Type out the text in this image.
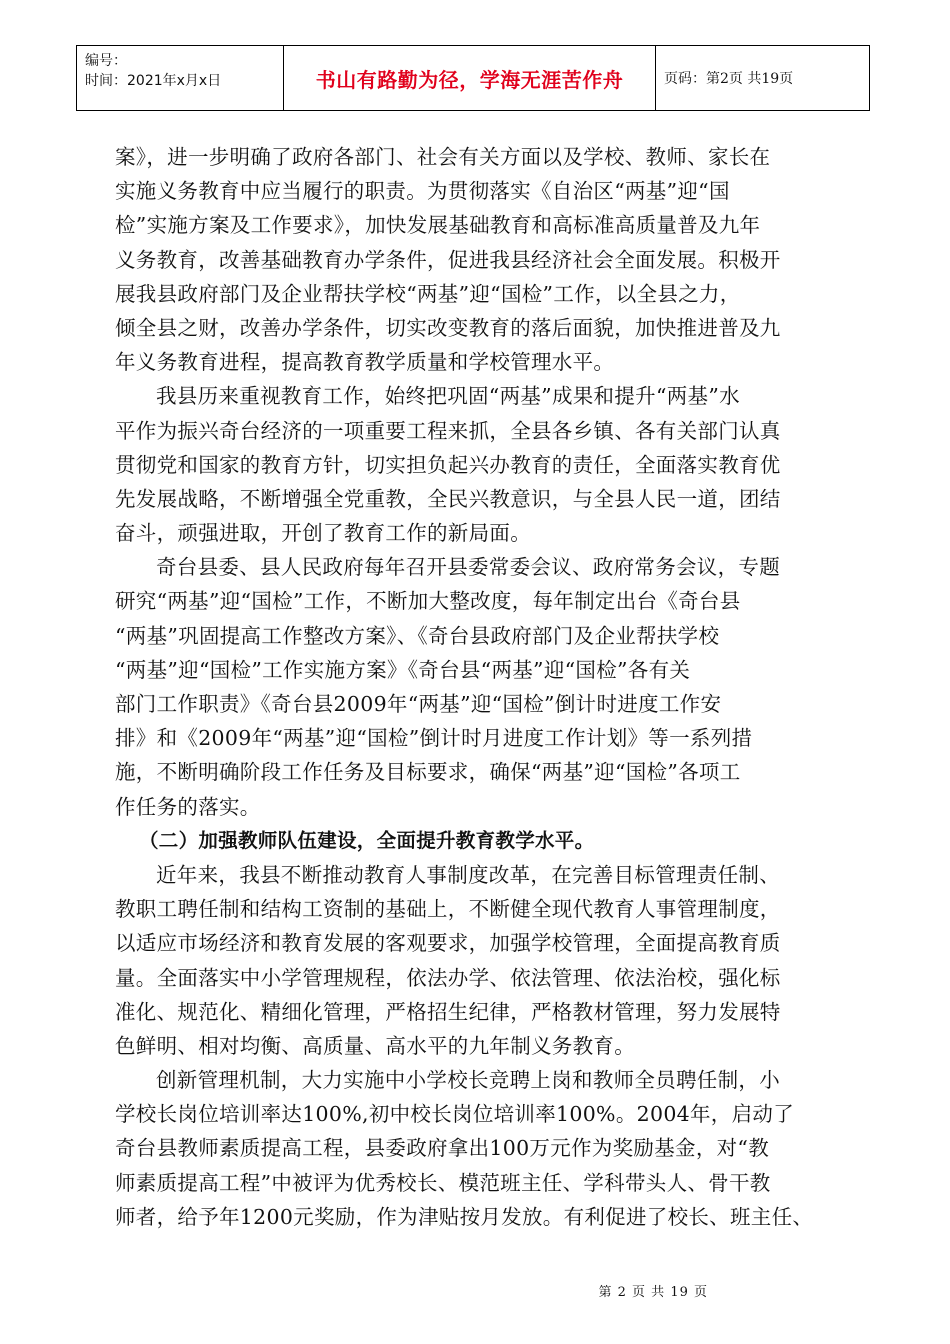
编号：
时间：2021年x月x日	书山有路勤为径，学海无涯苦作舟	页码：第2页 共19页
案》，进一步明确了政府各部门、社会有关方面以及学校、教师、家长在
实施义务教育中应当履行的职责。为贯彻落实《自治区“两基”迎“国
检”实施方案及工作要求》，加快发展基础教育和高标准高质量普及九年
义务教育，改善基础教育办学条件，促进我县经济社会全面发展。积极开
展我县政府部门及企业帮扶学校“两基”迎“国检”工作，以全县之力，
倾全县之财，改善办学条件，切实改变教育的落后面貌，加快推进普及九
年义务教育进程，提高教育教学质量和学校管理水平。
我县历来重视教育工作，始终把巩固“两基”成果和提升“两基”水
平作为振兴奇台经济的一项重要工程来抓，全县各乡镇、各有关部门认真
贯彻党和国家的教育方针，切实担负起兴办教育的责任，全面落实教育优
先发展战略，不断增强全党重教，全民兴教意识，与全县人民一道，团结
奋斗，顽强进取，开创了教育工作的新局面。
奇台县委、县人民政府每年召开县委常委会议、政府常务会议，专题
研究“两基”迎“国检”工作，不断加大整改度，每年制定出台《奇台县
“两基”巩固提高工作整改方案》、《奇台县政府部门及企业帮扶学校
“两基”迎“国检”工作实施方案》《奇台县“两基”迎“国检”各有关
部门工作职责》《奇台县2009年“两基”迎“国检”倒计时进度工作安
排》和《2009年“两基”迎“国检”倒计时月进度工作计划》等一系列措
施，不断明确阶段工作任务及目标要求，确保“两基”迎“国检”各项工
作任务的落实。
（二）加强教师队伍建设，全面提升教育教学水平。
近年来，我县不断推动教育人事制度改革，在完善目标管理责任制、
教职工聘任制和结构工资制的基础上，不断健全现代教育人事管理制度，
以适应市场经济和教育发展的客观要求，加强学校管理，全面提高教育质
量。全面落实中小学管理规程，依法办学、依法管理、依法治校，强化标
准化、规范化、精细化管理，严格招生纪律，严格教材管理，努力发展特
色鲜明、相对均衡、高质量、高水平的九年制义务教育。
创新管理机制，大力实施中小学校长竞聘上岗和教师全员聘任制，小
学校长岗位培训率达100%,初中校长岗位培训率100%。2004年，启动了
奇台县教师素质提高工程，县委政府拿出100万元作为奖励基金，对“教
师素质提高工程”中被评为优秀校长、模范班主任、学科带头人、骨干教
师者，给予年1200元奖励，作为津贴按月发放。有利促进了校长、班主任、
第 2 页 共 19 页
